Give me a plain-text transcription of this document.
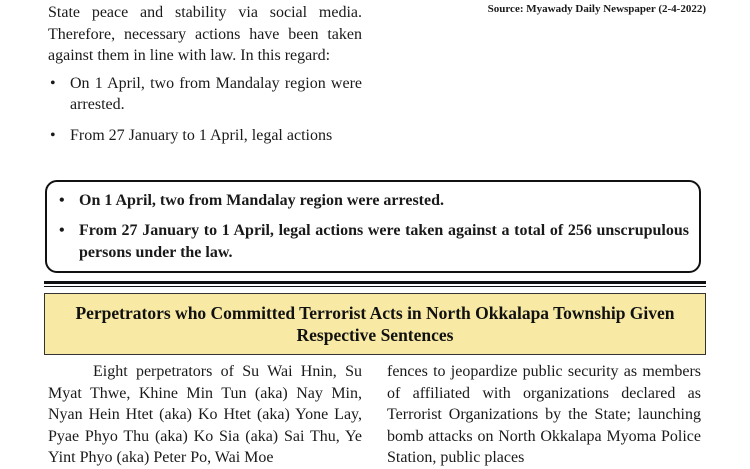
State peace and stability via social media. Therefore, necessary actions have been taken against them in line with law. In this regard:

• On 1 April, two from Mandalay region were arrested.
• From 27 January to 1 April, legal actions
Source: Myawady Daily Newspaper (2-4-2022)
• On 1 April, two from Mandalay region were arrested.
• From 27 January to 1 April, legal actions were taken against a total of 256 unscrupulous persons under the law.
Perpetrators who Committed Terrorist Acts in North Okkalapa Township Given Respective Sentences

Eight perpetrators of Su Wai Hnin, Su Myat Thwe, Khine Min Tun (aka) Nay Min, Nyan Hein Htet (aka) Ko Htet (aka) Yone Lay, Pyae Phyo Thu (aka) Ko Sia (aka) Sai Thu, Ye Yint Phyo (aka) Peter Po, Wai Moe

fences to jeopardize public security as members of affiliated with organizations declared as Terrorist Organizations by the State; launching bomb attacks on North Okkalapa Myoma Police Station, public places
